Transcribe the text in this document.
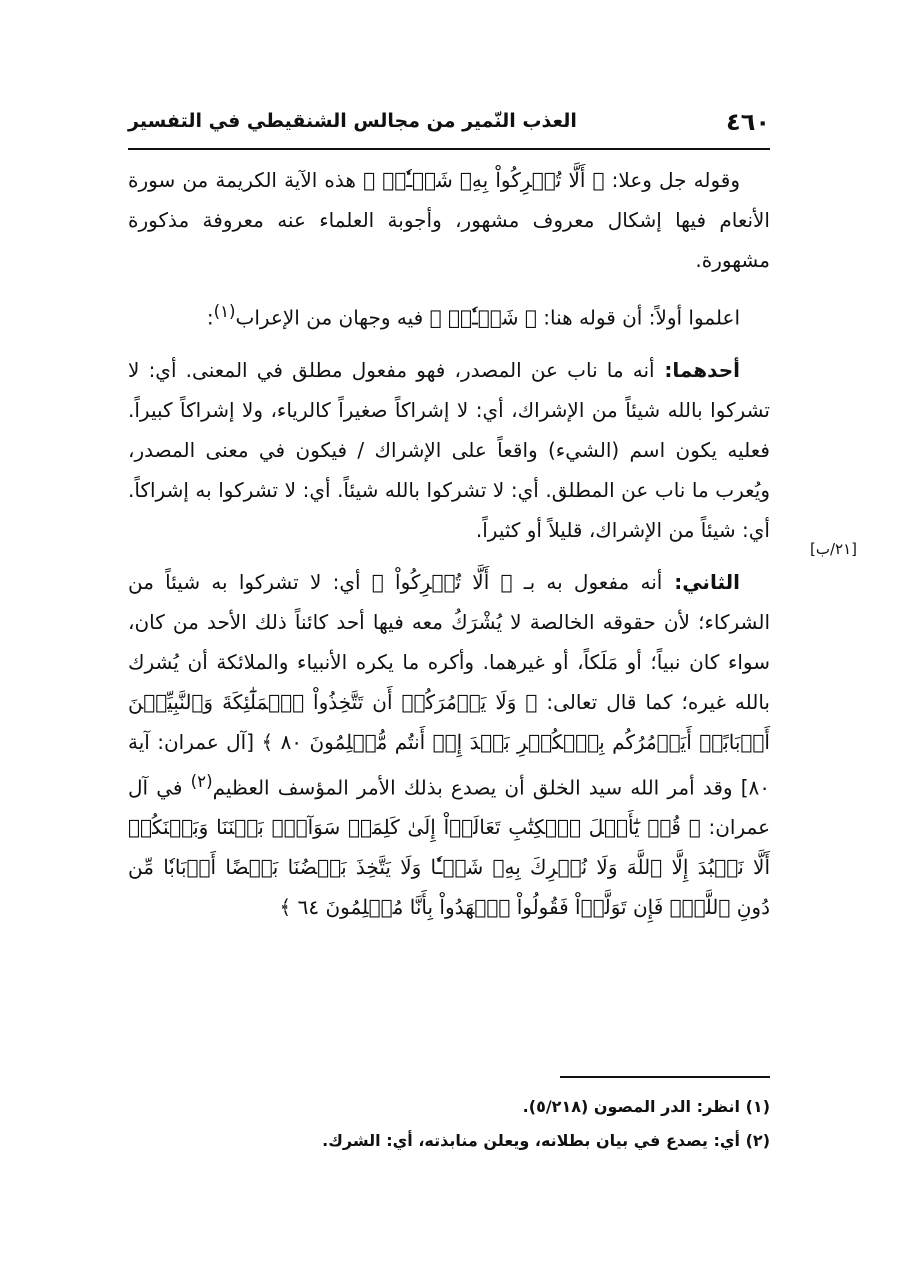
العذب النّمير من مجالس الشنقيطي في التفسير	٤٦٠

وقوله جل وعلا: ﴿ أَلَّا تُشۡرِكُواْ بِهِۦ شَيۡـٔٗاۖ ﴾ هذه الآية الكريمة من سورة الأنعام فيها إشكال معروف مشهور، وأجوبة العلماء عنه معروفة مذكورة مشهورة.

اعلموا أولاً: أن قوله هنا: ﴿ شَيۡـٔٗاۖ ﴾ فيه وجهان من الإعراب$^{(١)}$:

أحدهما: أنه ما ناب عن المصدر، فهو مفعول مطلق في المعنى. أي: لا تشركوا بالله شيئاً من الإشراك، أي: لا إشراكاً صغيراً كالرياء، ولا إشراكاً كبيراً. فعليه يكون اسم (الشيء) واقعاً على الإشراك / فيكون في معنى المصدر، ويُعرب ما ناب عن المطلق. أي: لا تشركوا بالله شيئاً. أي: لا تشركوا به إشراكاً. أي: شيئاً من الإشراك، قليلاً أو كثيراً.

الثاني: أنه مفعول به بـ ﴿ أَلَّا تُشۡرِكُواْ ﴾ أي: لا تشركوا به شيئاً من الشركاء؛ لأن حقوقه الخالصة لا يُشْرَكُ معه فيها أحد كائناً ذلك الأحد من كان، سواء كان نبياً؛ أو مَلَكاً، أو غيرهما. وأكره ما يكره الأنبياء والملائكة أن يُشرك بالله غيره؛ كما قال تعالى: ﴿ وَلَا يَأۡمُرَكُمۡ أَن تَتَّخِذُواْ ٱلۡمَلَٰٓئِكَةَ وَٱلنَّبِيِّـۧنَ أَرۡبَابًاۗ أَيَأۡمُرُكُم بِٱلۡكُفۡرِ بَعۡدَ إِذۡ أَنتُم مُّسۡلِمُونَ ٨٠ ﴾ [آل عمران: آية ٨٠] وقد أمر الله سيد الخلق أن يصدع بذلك الأمر المؤسف العظيم$^{(٢)}$ في آل عمران: ﴿ قُلۡ يَٰٓأَهۡلَ ٱلۡكِتَٰبِ تَعَالَوۡاْ إِلَىٰ كَلِمَةٖ سَوَآءِۭ بَيۡنَنَا وَبَيۡنَكُمۡ أَلَّا نَعۡبُدَ إِلَّا ٱللَّهَ وَلَا نُشۡرِكَ بِهِۦ شَيۡـٔٗا وَلَا يَتَّخِذَ بَعۡضُنَا بَعۡضًا أَرۡبَابٗا مِّن دُونِ ٱللَّهِۚ فَإِن تَوَلَّوۡاْ فَقُولُواْ ٱشۡهَدُواْ بِأَنَّا مُسۡلِمُونَ ٦٤ ﴾

[٢١/ب]

(١) انظر: الدر المصون (٥/٢١٨).

(٢) أي: يصدع في بيان بطلانه، ويعلن منابذته، أي: الشرك.
